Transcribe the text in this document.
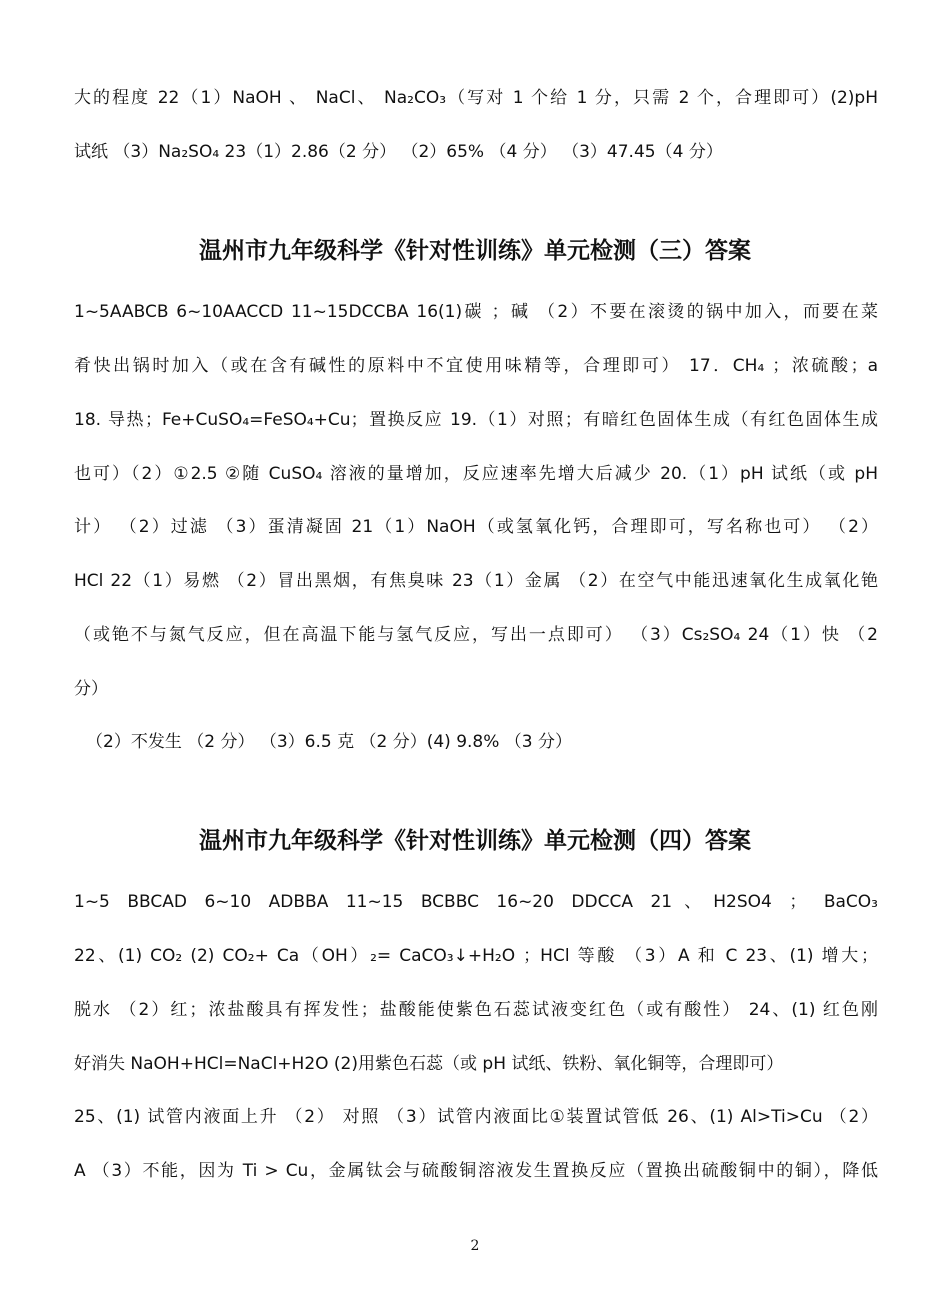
大的程度 22（1）NaOH 、 NaCl、 Na₂CO₃（写对 1 个给 1 分，只需 2 个，合理即可）(2)pH
试纸 （3）Na₂SO₄ 23（1）2.86（2 分） （2）65% （4 分） （3）47.45（4 分）
温州市九年级科学《针对性训练》单元检测（三）答案
1~5AABCB 6~10AACCD 11~15DCCBA 16(1)碳 ；碱 （2）不要在滚烫的锅中加入，而要在菜
肴快出锅时加入（或在含有碱性的原料中不宜使用味精等，合理即可） 17．CH₄ ；浓硫酸；a
18. 导热；Fe+CuSO₄=FeSO₄+Cu；置换反应 19.（1）对照；有暗红色固体生成（有红色固体生成
也可）（2）①2.5 ②随 CuSO₄ 溶液的量增加，反应速率先增大后减少 20.（1）pH 试纸（或 pH
计） （2）过滤 （3）蛋清凝固 21（1）NaOH（或氢氧化钙，合理即可，写名称也可） （2）
HCl 22（1）易燃 （2）冒出黑烟，有焦臭味 23（1）金属 （2）在空气中能迅速氧化生成氧化铯
（或铯不与氮气反应，但在高温下能与氢气反应，写出一点即可） （3）Cs₂SO₄ 24（1）快 （2
分）
（2）不发生 （2 分） （3）6.5 克 （2 分）(4) 9.8% （3 分）
温州市九年级科学《针对性训练》单元检测（四）答案
1~5 BBCAD 6~10 ADBBA 11~15 BCBBC 16~20 DDCCA 21、H2SO4 ； BaCO₃
22、(1) CO₂ (2) CO₂+ Ca（OH）₂= CaCO₃↓+H₂O ；HCl 等酸 （3）A 和 C 23、(1) 增大；
脱水 （2）红；浓盐酸具有挥发性；盐酸能使紫色石蕊试液变红色（或有酸性） 24、(1) 红色刚
好消失 NaOH+HCl=NaCl+H2O (2)用紫色石蕊（或 pH 试纸、铁粉、氧化铜等，合理即可）
25、(1) 试管内液面上升 （2） 对照 （3）试管内液面比①装置试管低 26、(1) Al>Ti>Cu （2）
A （3）不能，因为 Ti > Cu，金属钛会与硫酸铜溶液发生置换反应（置换出硫酸铜中的铜），降低
2
